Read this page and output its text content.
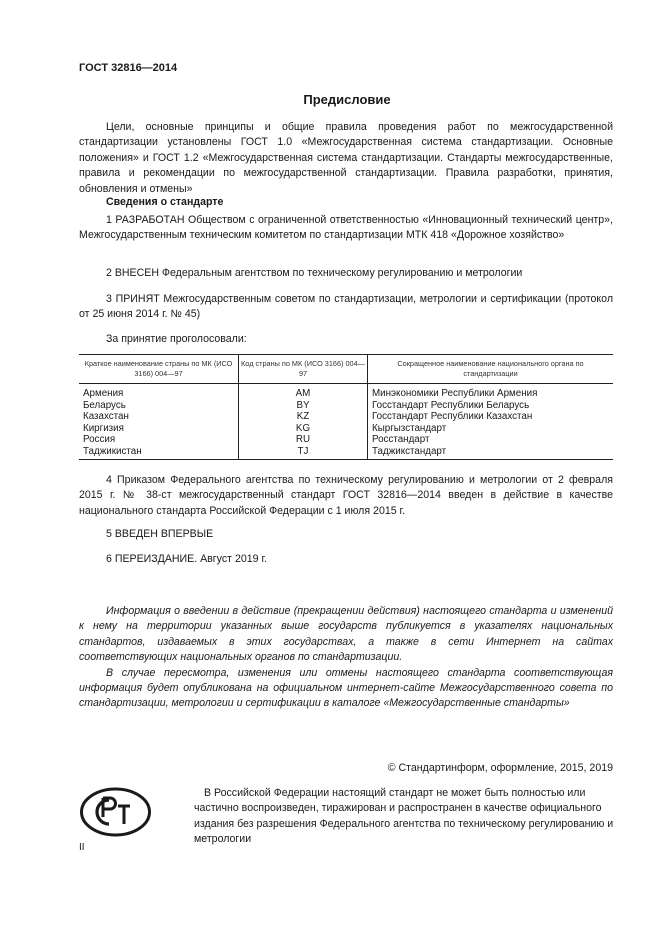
ГОСТ 32816—2014
Предисловие

Цели, основные принципы и общие правила проведения работ по межгосударственной стандартизации установлены ГОСТ 1.0 «Межгосударственная система стандартизации. Основные положения» и ГОСТ 1.2 «Межгосударственная система стандартизации. Стандарты межгосударственные, правила и рекомендации по межгосударственной стандартизации. Правила разработки, принятия, обновления и отмены»

Сведения о стандарте

1 РАЗРАБОТАН Обществом с ограниченной ответственностью «Инновационный технический центр», Межгосударственным техническим комитетом по стандартизации МТК 418 «Дорожное хозяйство»

2 ВНЕСЕН Федеральным агентством по техническому регулированию и метрологии

3 ПРИНЯТ Межгосударственным советом по стандартизации, метрологии и сертификации (протокол от 25 июня 2014 г. № 45)

За принятие проголосовали:
Краткое наименование страны по МК (ИСО 3166) 004—97	Код страны по МК (ИСО 3166) 004—97	Сокращенное наименование национального органа по стандартизации
Армения	AM	Минэкономики Республики Армения
Беларусь	BY	Госстандарт Республики Беларусь
Казахстан	KZ	Госстандарт Республики Казахстан
Киргизия	KG	Кыргызстандарт
Россия	RU	Росстандарт
Таджикистан	TJ	Таджикстандарт

4 Приказом Федерального агентства по техническому регулированию и метрологии от 2 февраля 2015 г. № 38-ст межгосударственный стандарт ГОСТ 32816—2014 введен в действие в качестве национального стандарта Российской Федерации с 1 июля 2015 г.

5 ВВЕДЕН ВПЕРВЫЕ
6 ПЕРЕИЗДАНИЕ. Август 2019 г.

Информация о введении в действие (прекращении действия) настоящего стандарта и изменений к нему на территории указанных выше государств публикуется в указателях национальных стандартов, издаваемых в этих государствах, а также в сети Интернет на сайтах соответствующих национальных органов по стандартизации.

В случае пересмотра, изменения или отмены настоящего стандарта соответствующая информация будет опубликована на официальном интернет-сайте Межгосударственного совета по стандартизации, метрологии и сертификации в каталоге «Межгосударственные стандарты»

© Стандартинформ, оформление, 2015, 2019

В Российской Федерации настоящий стандарт не может быть полностью или частично воспроизведен, тиражирован и распространен в качестве официального издания без разрешения Федерального агентства по техническому регулированию и метрологии

II
